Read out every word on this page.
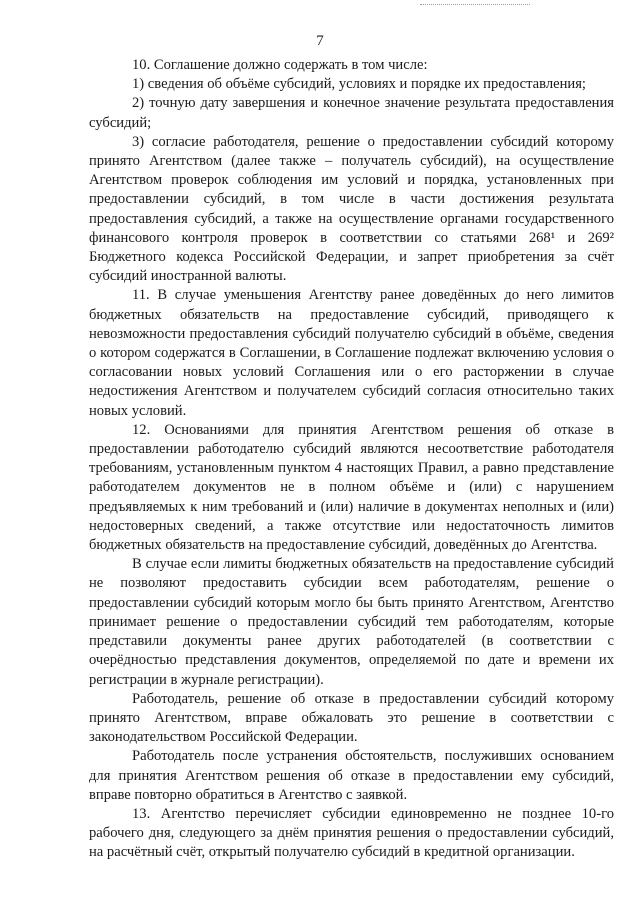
7

10. Соглашение должно содержать в том числе:

1) сведения об объёме субсидий, условиях и порядке их предоставления;

2) точную дату завершения и конечное значение результата предоставления субсидий;

3) согласие работодателя, решение о предоставлении субсидий которому принято Агентством (далее также – получатель субсидий), на осуществление Агентством проверок соблюдения им условий и порядка, установленных при предоставлении субсидий, в том числе в части достижения результата предоставления субсидий, а также на осуществление органами государственного финансового контроля проверок в соответствии со статьями 268¹ и 269² Бюджетного кодекса Российской Федерации, и запрет приобретения за счёт субсидий иностранной валюты.

11. В случае уменьшения Агентству ранее доведённых до него лимитов бюджетных обязательств на предоставление субсидий, приводящего к невозможности предоставления субсидий получателю субсидий в объёме, сведения о котором содержатся в Соглашении, в Соглашение подлежат включению условия о согласовании новых условий Соглашения или о его расторжении в случае недостижения Агентством и получателем субсидий согласия относительно таких новых условий.

12. Основаниями для принятия Агентством решения об отказе в предоставлении работодателю субсидий являются несоответствие работодателя требованиям, установленным пунктом 4 настоящих Правил, а равно представление работодателем документов не в полном объёме и (или) с нарушением предъявляемых к ним требований и (или) наличие в документах неполных и (или) недостоверных сведений, а также отсутствие или недостаточность лимитов бюджетных обязательств на предоставление субсидий, доведённых до Агентства.

В случае если лимиты бюджетных обязательств на предоставление субсидий не позволяют предоставить субсидии всем работодателям, решение о предоставлении субсидий которым могло бы быть принято Агентством, Агентство принимает решение о предоставлении субсидий тем работодателям, которые представили документы ранее других работодателей (в соответствии с очерёдностью представления документов, определяемой по дате и времени их регистрации в журнале регистрации).

Работодатель, решение об отказе в предоставлении субсидий которому принято Агентством, вправе обжаловать это решение в соответствии с законодательством Российской Федерации.

Работодатель после устранения обстоятельств, послуживших основанием для принятия Агентством решения об отказе в предоставлении ему субсидий, вправе повторно обратиться в Агентство с заявкой.

13. Агентство перечисляет субсидии единовременно не позднее 10-го рабочего дня, следующего за днём принятия решения о предоставлении субсидий, на расчётный счёт, открытый получателю субсидий в кредитной организации.
